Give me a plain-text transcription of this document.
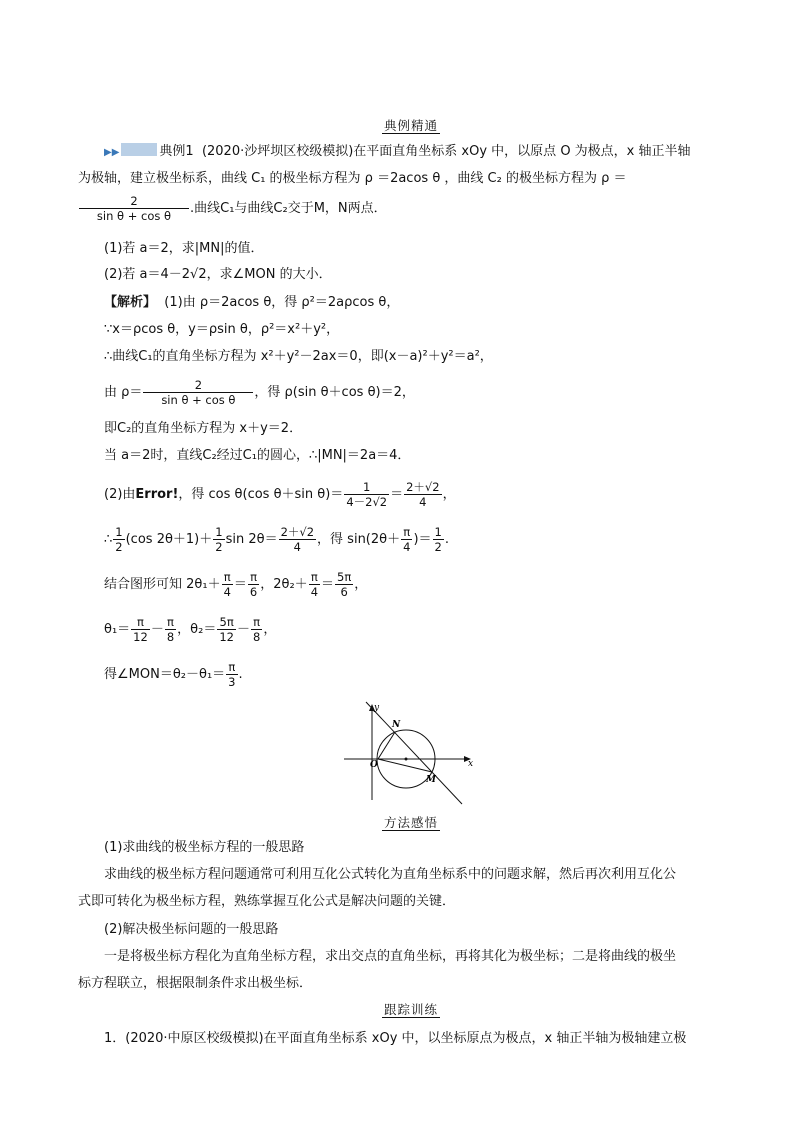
典例精通
▶▶	典例1 (2020·沙坪坝区校级模拟)在平面直角坐标系 xOy 中，以原点 O 为极点，x 轴正半轴
为极轴，建立极坐标系，曲线 C₁ 的极坐标方程为 ρ ＝2acos θ ，曲线 C₂ 的极坐标方程为 ρ ＝
$\frac{2}{\text{sin θ + cos θ}}$ .曲线C₁与曲线C₂交于M，N两点．
(1)若 a＝2，求|MN|的值．
(2)若 a＝4－2√2，求∠MON 的大小．
【解析】 (1)由 ρ＝2acos θ，得 ρ²＝2aρcos θ，
∵x＝ρcos θ，y＝ρsin θ，ρ²＝x²＋y²，
∴曲线C₁的直角坐标方程为 x²＋y²－2ax＝0，即(x－a)²＋y²＝a²，
由 $\rho= \frac{2}{\text{sin θ + cos θ}}$ ，得 ρ(sin θ＋cos θ)＝2，
即C₂的直角坐标方程为 x＋y＝2．
当 a＝2时，直线C₂经过C₁的圆心，∴|MN|＝2a＝4．
(2)由Error!，得 cos θ(cos θ＋sin $\theta)= \frac{1}{4-2√2} = \frac{2+√2}{4}$ ，
∴ $\frac{1}{2} (\cos$ $2\theta+1)+ \frac{1}{2}$ $\sin 2\theta= \frac{2+√2}{4}$ ，得 $\sin(2\theta+ \frac{\pi}{4}$ )＝ $\frac{1}{2}$ .
结合图形可知 $2\theta_1+ \frac{\pi}{4} = \frac{\pi}{6}$ ，$2\theta_2+ \frac{\pi}{4} = \frac{5\pi}{6}$ ，
$\theta_1= \frac{\pi}{12} - \frac{\pi}{8}$ ，$\theta_2= \frac{5\pi}{12} - \frac{\pi}{8}$ ，
得∠MON＝θ₂－θ₁＝ $\frac{\pi}{3}$ .
y
x
O
N
M
方法感悟
(1)求曲线的极坐标方程的一般思路
求曲线的极坐标方程问题通常可利用互化公式转化为直角坐标系中的问题求解，然后再次利用互化公
式即可转化为极坐标方程，熟练掌握互化公式是解决问题的关键．
(2)解决极坐标问题的一般思路
一是将极坐标方程化为直角坐标方程，求出交点的直角坐标，再将其化为极坐标；二是将曲线的极坐
标方程联立，根据限制条件求出极坐标．
跟踪训练
1．(2020·中原区校级模拟)在平面直角坐标系 xOy 中，以坐标原点为极点，x 轴正半轴为极轴建立极
